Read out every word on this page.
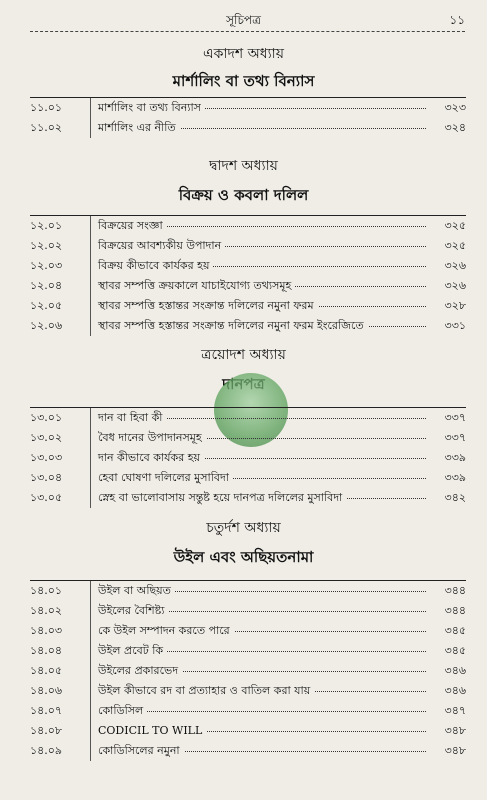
সূচিপত্র	১১
একাদশ অধ্যায়
মার্শালিং বা তথ্য বিন্যাস
১১.০১	মার্শালিং বা তথ্য বিন্যাস	৩২৩
১১.০২	মার্শালিং এর নীতি	৩২৪
দ্বাদশ অধ্যায়
বিক্রয় ও কবলা দলিল
১২.০১	বিক্রয়ের সংজ্ঞা	৩২৫
১২.০২	বিক্রয়ের আবশ্যকীয় উপাদান	৩২৫
১২.০৩	বিক্রয় কীভাবে কার্যকর হয়	৩২৬
১২.০৪	স্থাবর সম্পত্তি ক্রয়কালে যাচাইযোগ্য তথ্যসমূহ	৩২৬
১২.০৫	স্থাবর সম্পত্তি হস্তান্তর সংক্রান্ত দলিলের নমুনা ফরম	৩২৮
১২.০৬	স্থাবর সম্পত্তি হস্তান্তর সংক্রান্ত দলিলের নমুনা ফরম ইংরেজিতে	৩৩১
ত্রয়োদশ অধ্যায়
১৩.০১	দান বা হিবা কী	৩৩৭
১৩.০২	বৈধ দানের উপাদানসমূহ	৩৩৭
১৩.০৩	দান কীভাবে কার্যকর হয়	৩৩৯
১৩.০৪	হেবা ঘোষণা দলিলের মুসাবিদা	৩৩৯
১৩.০৫	স্নেহ বা ভালোবাসায় সন্তুষ্ট হয়ে দানপত্র দলিলের মুসাবিদা	৩৪২
চতুর্দশ অধ্যায়
উইল এবং অছিয়তনামা
১৪.০১	উইল বা অছিয়ত	৩৪৪
১৪.০২	উইলের বৈশিষ্ট্য	৩৪৪
১৪.০৩	কে উইল সম্পাদন করতে পারে	৩৪৫
১৪.০৪	উইল প্রবেট কি	৩৪৫
১৪.০৫	উইলের প্রকারভেদ	৩৪৬
১৪.০৬	উইল কীভাবে রদ বা প্রত্যাহার ও বাতিল করা যায়	৩৪৬
১৪.০৭	কোডিসিল	৩৪৭
১৪.০৮	CODICIL TO WILL	৩৪৮
১৪.০৯	কোডিসিলের নমুনা	৩৪৮
